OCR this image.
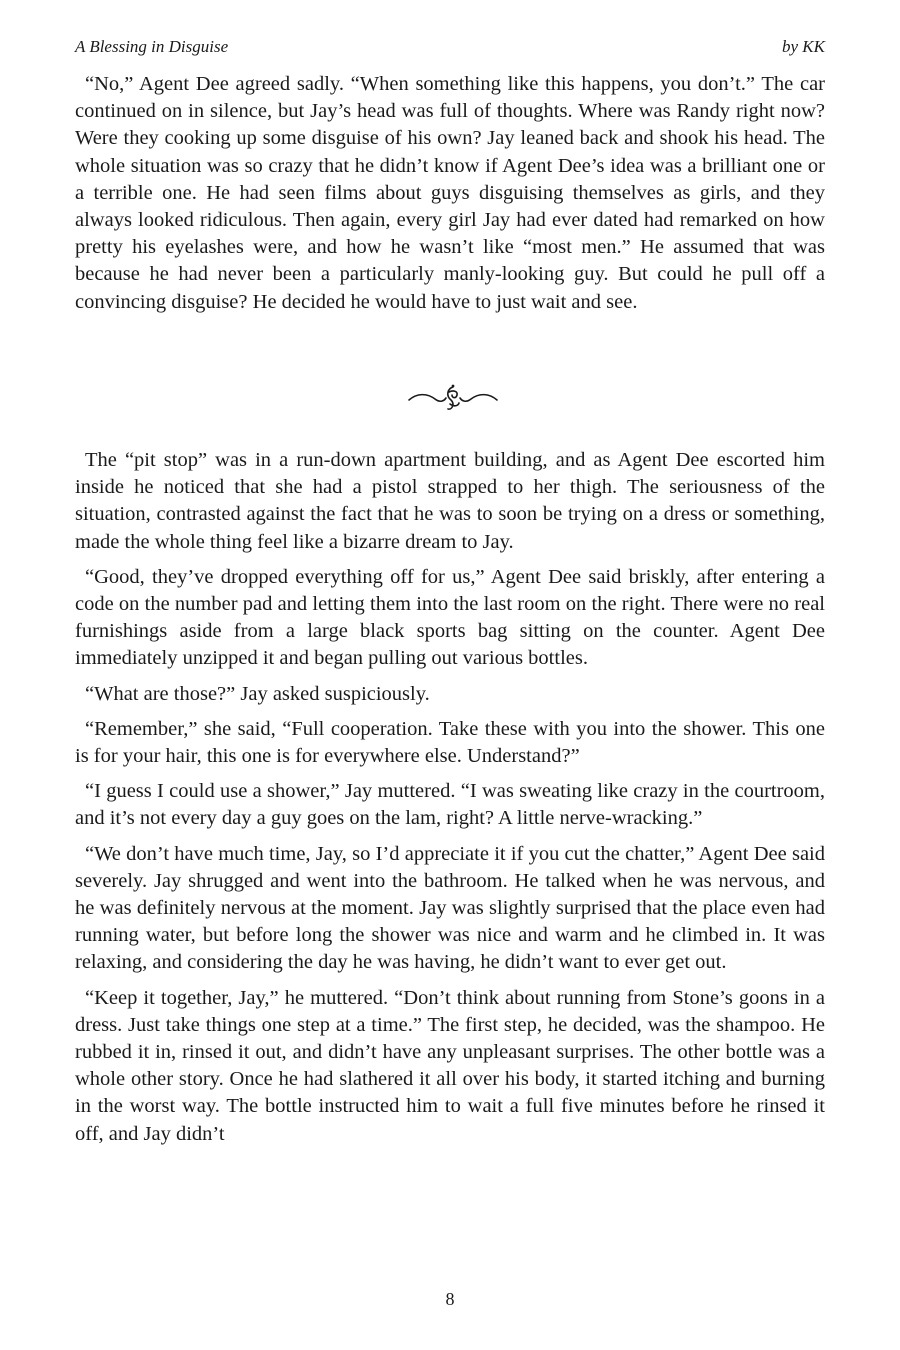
A Blessing in Disguise	by KK

“No,” Agent Dee agreed sadly. “When something like this happens, you don’t.” The car continued on in silence, but Jay’s head was full of thoughts. Where was Randy right now? Were they cooking up some disguise of his own? Jay leaned back and shook his head. The whole situation was so crazy that he didn’t know if Agent Dee’s idea was a brilliant one or a terrible one. He had seen films about guys disguising themselves as girls, and they always looked ridiculous. Then again, every girl Jay had ever dated had remarked on how pretty his eyelashes were, and how he wasn’t like “most men.” He assumed that was because he had never been a particularly manly-looking guy. But could he pull off a convincing disguise? He decided he would have to just wait and see.

The “pit stop” was in a run-down apartment building, and as Agent Dee escorted him inside he noticed that she had a pistol strapped to her thigh. The seriousness of the situation, contrasted against the fact that he was to soon be trying on a dress or something, made the whole thing feel like a bizarre dream to Jay.

“Good, they’ve dropped everything off for us,” Agent Dee said briskly, after entering a code on the number pad and letting them into the last room on the right. There were no real furnishings aside from a large black sports bag sitting on the counter. Agent Dee immediately unzipped it and began pulling out various bottles.

“What are those?” Jay asked suspiciously.

“Remember,” she said, “Full cooperation. Take these with you into the shower. This one is for your hair, this one is for everywhere else. Understand?”

“I guess I could use a shower,” Jay muttered. “I was sweating like crazy in the courtroom, and it’s not every day a guy goes on the lam, right? A little nerve-wracking.”

“We don’t have much time, Jay, so I’d appreciate it if you cut the chatter,” Agent Dee said severely. Jay shrugged and went into the bathroom. He talked when he was nervous, and he was definitely nervous at the moment. Jay was slightly surprised that the place even had running water, but before long the shower was nice and warm and he climbed in. It was relaxing, and considering the day he was having, he didn’t want to ever get out.

“Keep it together, Jay,” he muttered. “Don’t think about running from Stone’s goons in a dress. Just take things one step at a time.” The first step, he decided, was the shampoo. He rubbed it in, rinsed it out, and didn’t have any unpleasant surprises. The other bottle was a whole other story. Once he had slathered it all over his body, it started itching and burning in the worst way. The bottle instructed him to wait a full five minutes before he rinsed it off, and Jay didn’t

8
